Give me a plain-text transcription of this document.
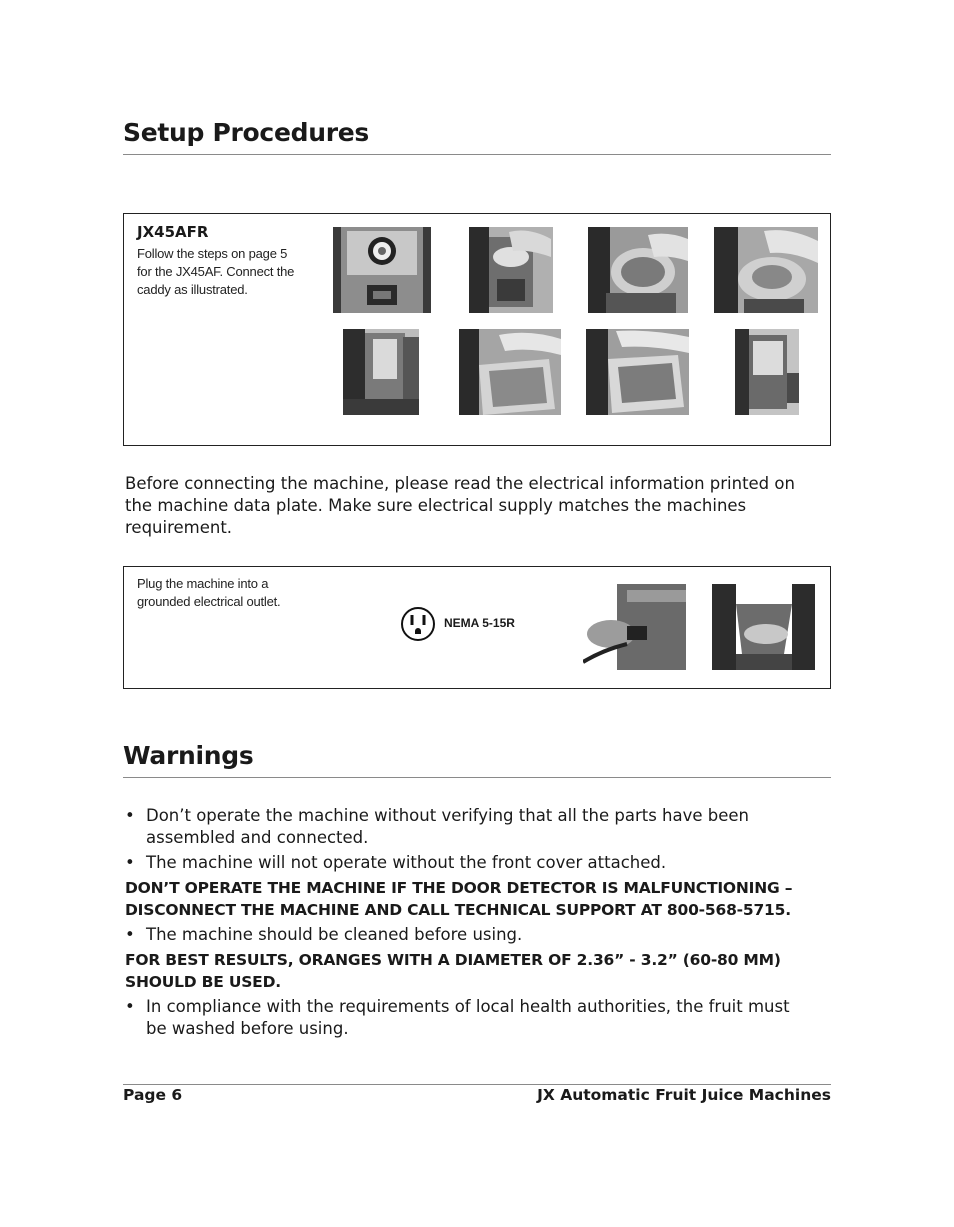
Setup Procedures
JX45AFR
Follow the steps on page 5
for the JX45AF. Connect the
caddy as illustrated.

Before connecting the machine, please read the electrical information printed on
the machine data plate. Make sure electrical supply matches the machines
requirement.

Plug the machine into a
grounded electrical outlet.
NEMA 5-15R
Warnings
• Don’t operate the machine without verifying that all the parts have been
assembled and connected.
• The machine will not operate without the front cover attached.
DON’T OPERATE THE MACHINE IF THE DOOR DETECTOR IS MALFUNCTIONING –
DISCONNECT THE MACHINE AND CALL TECHNICAL SUPPORT AT 800-568-5715.
• The machine should be cleaned before using.
FOR BEST RESULTS, ORANGES WITH A DIAMETER OF 2.36” - 3.2” (60-80 MM)
SHOULD BE USED.
• In compliance with the requirements of local health authorities, the fruit must
be washed before using.
Page 6	JX Automatic Fruit Juice Machines
